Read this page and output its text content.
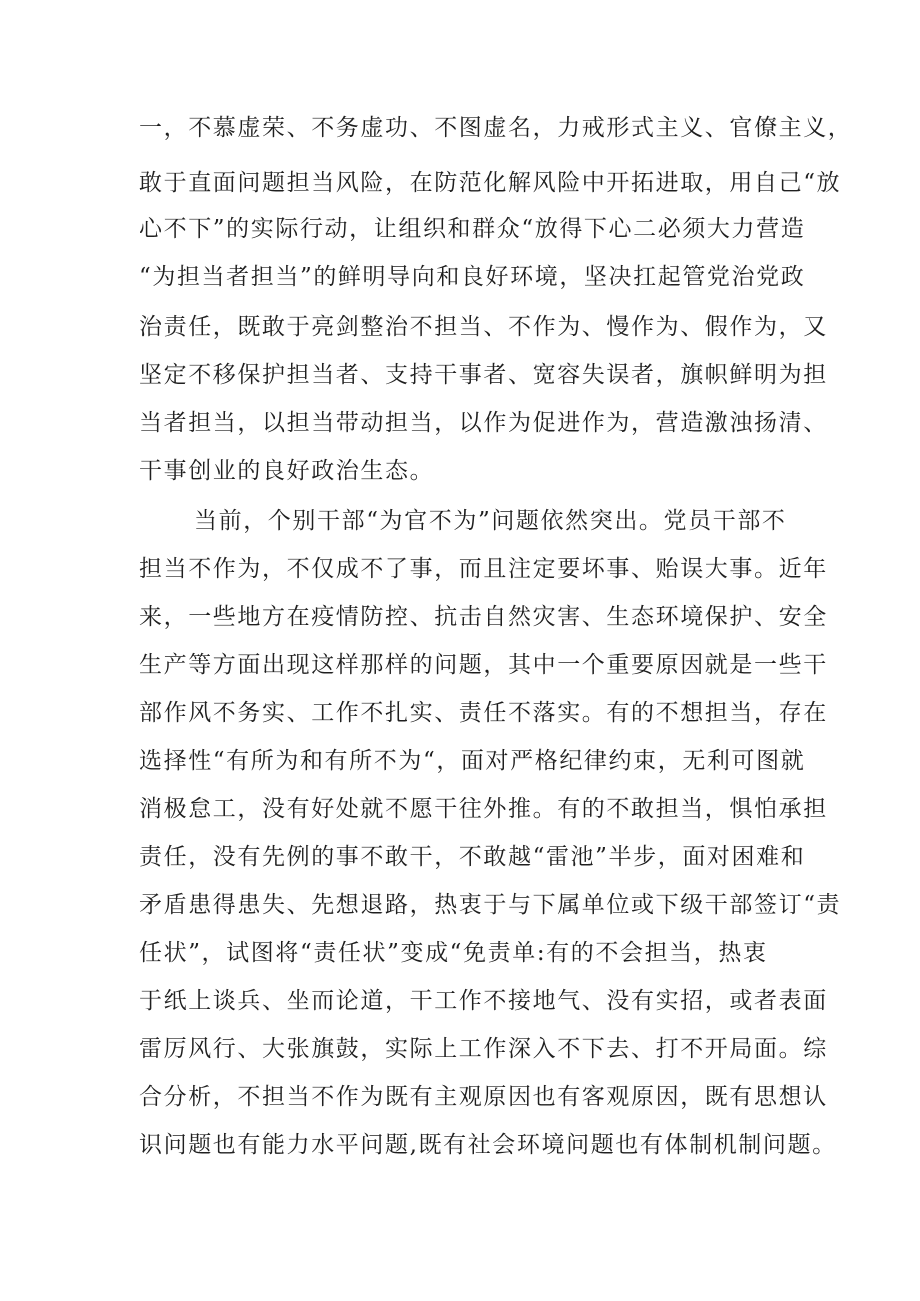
一，不慕虚荣、不务虚功、不图虚名，力戒形式主义、官僚主义，
敢于直面问题担当风险，在防范化解风险中开拓进取，用自己“放
心不下”的实际行动，让组织和群众“放得下心二必须大力营造
“为担当者担当”的鲜明导向和良好环境，坚决扛起管党治党政
治责任，既敢于亮剑整治不担当、不作为、慢作为、假作为，又
坚定不移保护担当者、支持干事者、宽容失误者，旗帜鲜明为担
当者担当，以担当带动担当，以作为促进作为，营造激浊扬清、
干事创业的良好政治生态。
当前，个别干部“为官不为”问题依然突出。党员干部不
担当不作为，不仅成不了事，而且注定要坏事、贻误大事。近年
来，一些地方在疫情防控、抗击自然灾害、生态环境保护、安全
生产等方面出现这样那样的问题，其中一个重要原因就是一些干
部作风不务实、工作不扎实、责任不落实。有的不想担当，存在
选择性“有所为和有所不为“，面对严格纪律约束，无利可图就
消极怠工，没有好处就不愿干往外推。有的不敢担当，惧怕承担
责任，没有先例的事不敢干，不敢越“雷池”半步，面对困难和
矛盾患得患失、先想退路，热衷于与下属单位或下级干部签订“责
任状”，试图将“责任状”变成“免责单:有的不会担当，热衷
于纸上谈兵、坐而论道，干工作不接地气、没有实招，或者表面
雷厉风行、大张旗鼓，实际上工作深入不下去、打不开局面。综
合分析，不担当不作为既有主观原因也有客观原因，既有思想认
识问题也有能力水平问题,既有社会环境问题也有体制机制问题。
